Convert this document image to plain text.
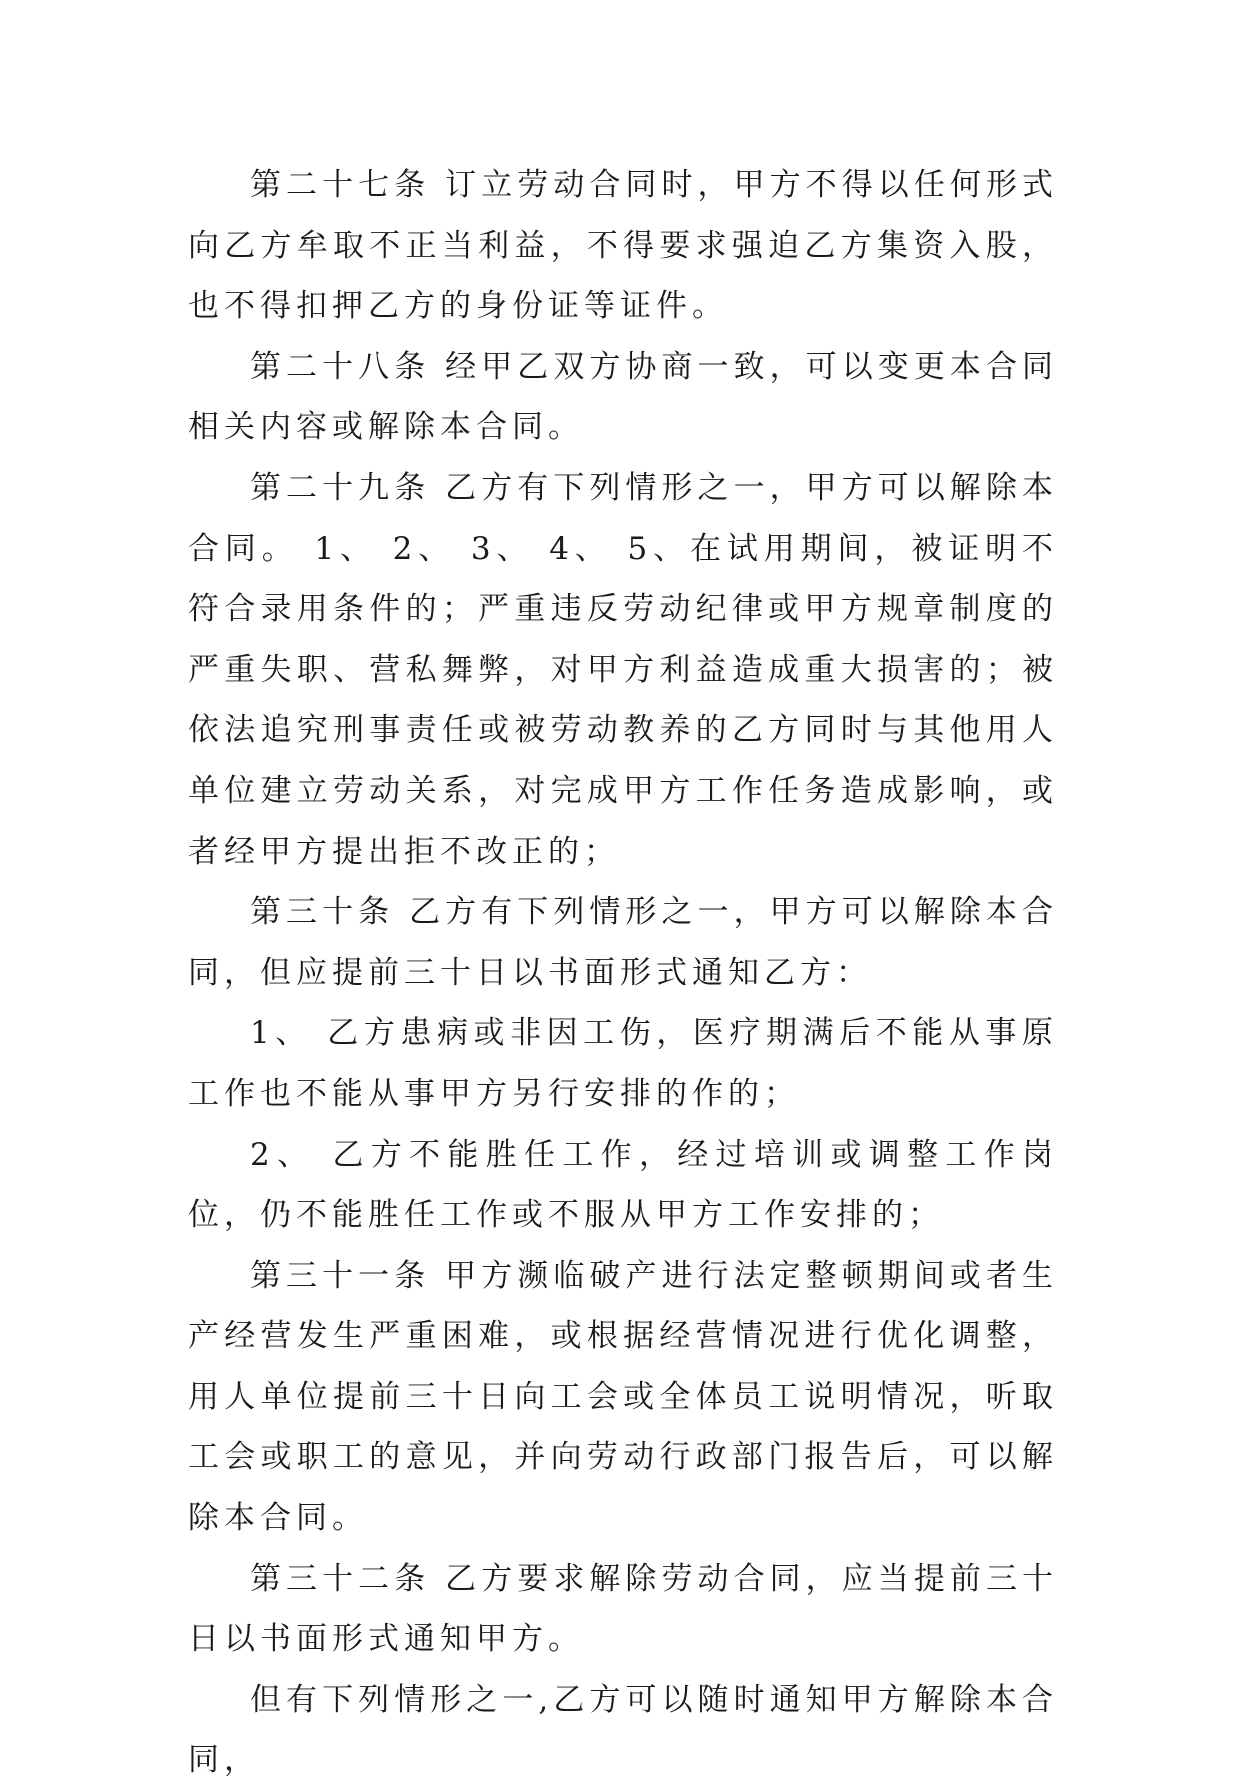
第二十七条 订立劳动合同时，甲方不得以任何形式向乙方牟取不正当利益，不得要求强迫乙方集资入股，也不得扣押乙方的身份证等证件。

第二十八条 经甲乙双方协商一致，可以变更本合同相关内容或解除本合同。

第二十九条 乙方有下列情形之一，甲方可以解除本合同。 1、 2、 3、 4、 5、在试用期间，被证明不符合录用条件的；严重违反劳动纪律或甲方规章制度的严重失职、营私舞弊，对甲方利益造成重大损害的；被依法追究刑事责任或被劳动教养的乙方同时与其他用人单位建立劳动关系，对完成甲方工作任务造成影响，或者经甲方提出拒不改正的；

第三十条 乙方有下列情形之一，甲方可以解除本合同，但应提前三十日以书面形式通知乙方：

1、 乙方患病或非因工伤，医疗期满后不能从事原工作也不能从事甲方另行安排的作的；

2、 乙方不能胜任工作，经过培训或调整工作岗位，仍不能胜任工作或不服从甲方工作安排的；

第三十一条 甲方濒临破产进行法定整顿期间或者生产经营发生严重困难，或根据经营情况进行优化调整，用人单位提前三十日向工会或全体员工说明情况，听取工会或职工的意见，并向劳动行政部门报告后，可以解除本合同。

第三十二条 乙方要求解除劳动合同，应当提前三十日以书面形式通知甲方。

但有下列情形之一,乙方可以随时通知甲方解除本合同，
